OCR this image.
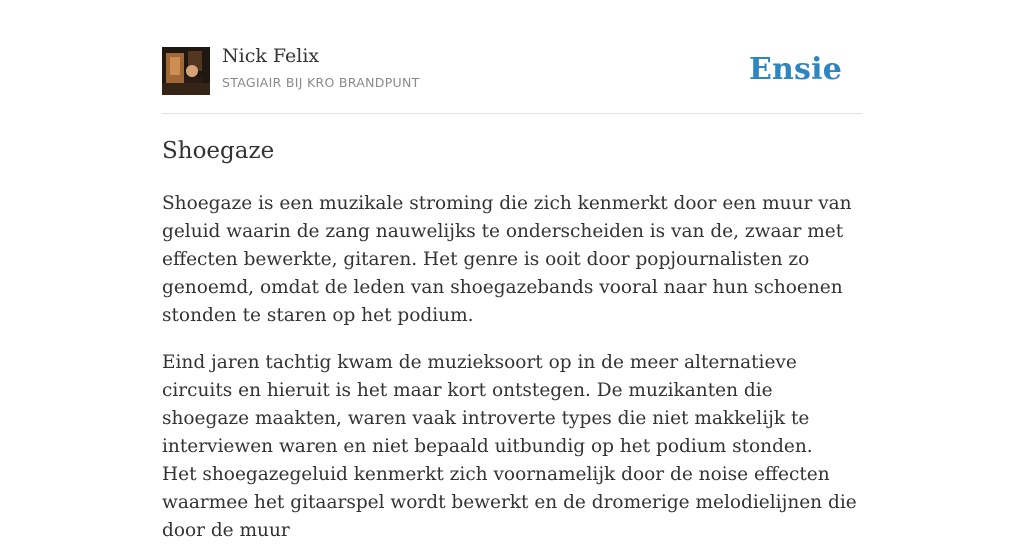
Nick Felix
STAGIAIR BIJ KRO BRANDPUNT	Ensie
Shoegaze

Shoegaze is een muzikale stroming die zich kenmerkt door een muur van geluid waarin de zang nauwelijks te onderscheiden is van de, zwaar met effecten bewerkte, gitaren. Het genre is ooit door popjournalisten zo genoemd, omdat de leden van shoegazebands vooral naar hun schoenen stonden te staren op het podium.

Eind jaren tachtig kwam de muzieksoort op in de meer alternatieve circuits en hieruit is het maar kort ontstegen. De muzikanten die shoegaze maakten, waren vaak introverte types die niet makkelijk te interviewen waren en niet bepaald uitbundig op het podium stonden.

Het shoegazegeluid kenmerkt zich voornamelijk door de noise effecten waarmee het gitaarspel wordt bewerkt en de dromerige melodielijnen die door de muur
